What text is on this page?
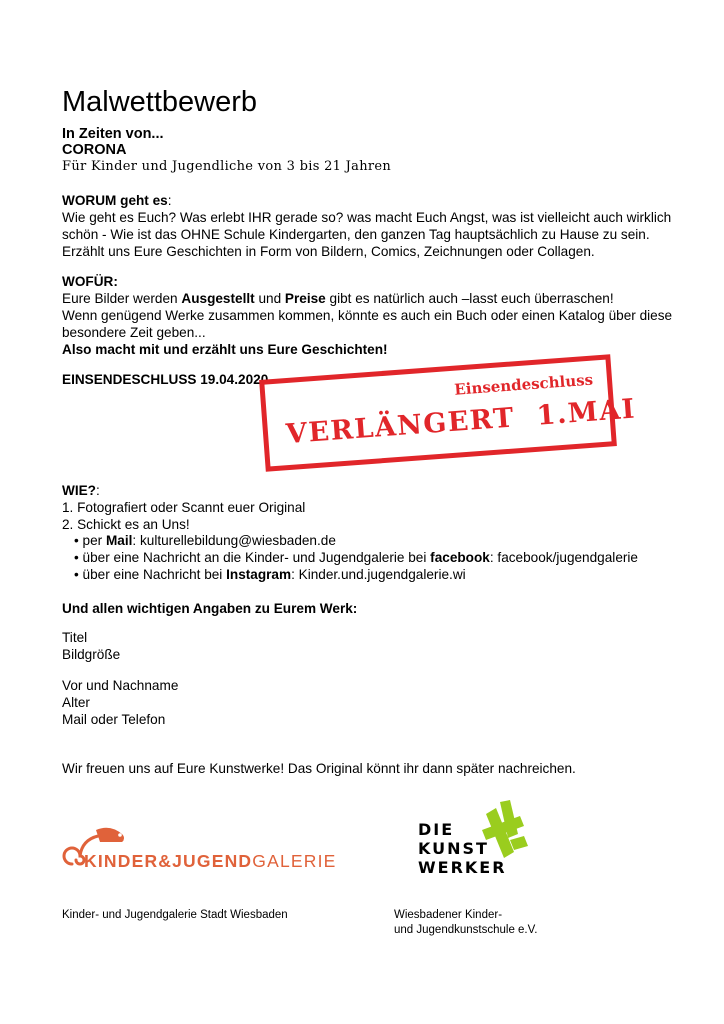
Malwettbewerb
In Zeiten von...
CORONA
Für Kinder und Jugendliche von 3 bis 21 Jahren
WORUM geht es:
Wie geht es Euch? Was erlebt IHR gerade so? was macht Euch Angst, was ist vielleicht auch wirklich
schön - Wie ist das OHNE Schule Kindergarten, den ganzen Tag hauptsächlich zu Hause zu sein.
Erzählt uns Eure Geschichten in Form von Bildern, Comics, Zeichnungen oder Collagen.
WOFÜR:
Eure Bilder werden Ausgestellt und Preise gibt es natürlich auch –lasst euch überraschen!
Wenn genügend Werke zusammen kommen, könnte es auch ein Buch oder einen Katalog über diese
besondere Zeit geben...
Also macht mit und erzählt uns Eure Geschichten!
EINSENDESCHLUSS 19.04.2020	Einsendeschluss
VERLÄNGERT 1.MAI
WIE?:
1. Fotografiert oder Scannt euer Original
2. Schickt es an Uns!
• per Mail: kulturellebildung@wiesbaden.de
• über eine Nachricht an die Kinder- und Jugendgalerie bei facebook: facebook/jugendgalerie
• über eine Nachricht bei Instagram: Kinder.und.jugendgalerie.wi
Und allen wichtigen Angaben zu Eurem Werk:
Titel
Bildgröße
Vor und Nachname
Alter
Mail oder Telefon
Wir freuen uns auf Eure Kunstwerke! Das Original könnt ihr dann später nachreichen.
KINDER&JUGENDGALERIE
Kinder- und Jugendgalerie Stadt Wiesbaden
DIE
KUNST
WERKER
Wiesbadener Kinder-
und Jugendkunstschule e.V.
